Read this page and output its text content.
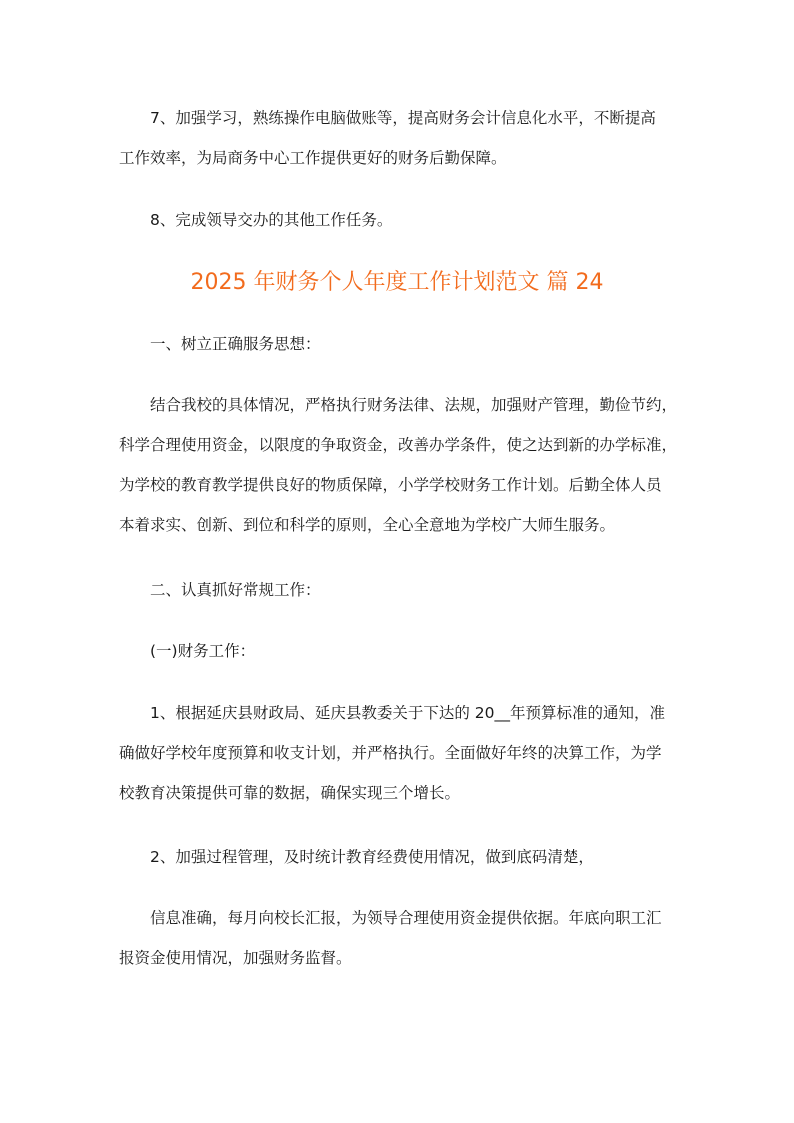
　　7、加强学习，熟练操作电脑做账等，提高财务会计信息化水平，不断提高
工作效率，为局商务中心工作提供更好的财务后勤保障。
　　8、完成领导交办的其他工作任务。
2025 年财务个人年度工作计划范文 篇 24
　　一、树立正确服务思想：
　　结合我校的具体情况，严格执行财务法律、法规，加强财产管理，勤俭节约，
科学合理使用资金，以限度的争取资金，改善办学条件，使之达到新的办学标准，
为学校的教育教学提供良好的物质保障，小学学校财务工作计划。后勤全体人员
本着求实、创新、到位和科学的原则，全心全意地为学校广大师生服务。
　　二、认真抓好常规工作：
　　(一)财务工作：
　　1、根据延庆县财政局、延庆县教委关于下达的 20__年预算标准的通知，准
确做好学校年度预算和收支计划，并严格执行。全面做好年终的决算工作，为学
校教育决策提供可靠的数据，确保实现三个增长。
　　2、加强过程管理，及时统计教育经费使用情况，做到底码清楚，
　　信息准确，每月向校长汇报，为领导合理使用资金提供依据。年底向职工汇
报资金使用情况，加强财务监督。
